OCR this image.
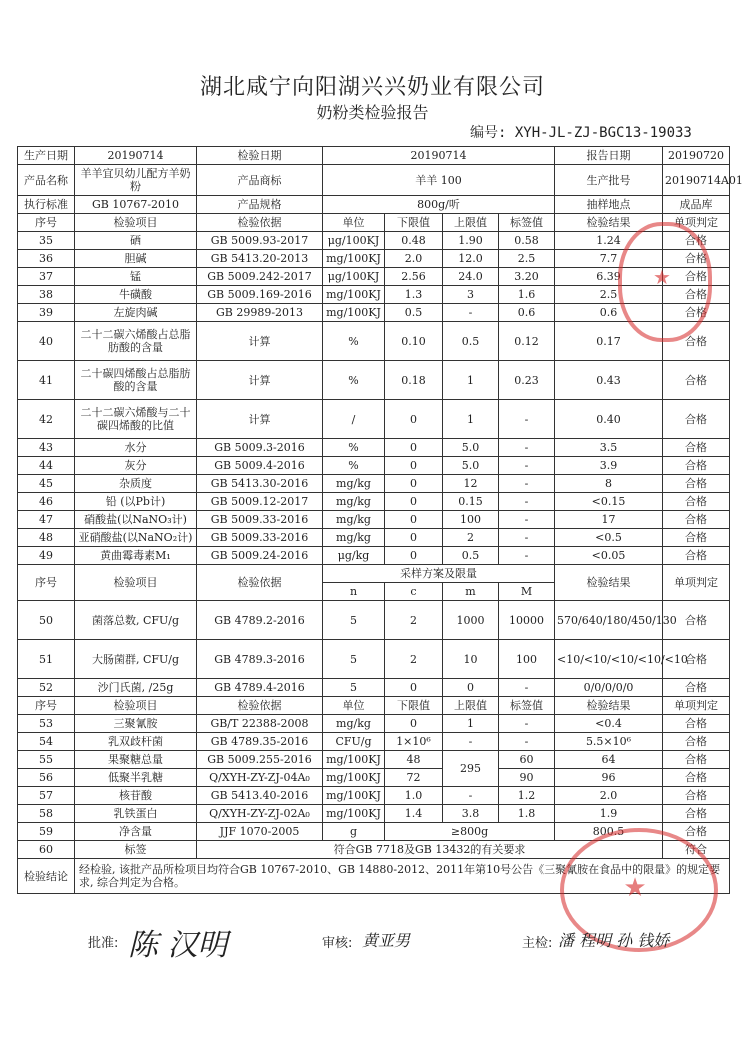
湖北咸宁向阳湖兴兴奶业有限公司
奶粉类检验报告
编号: XYH-JL-ZJ-BGC13-19033
生产日期	20190714	检验日期	20190714				报告日期	20190720
产品名称	羊羊宜贝幼儿配方羊奶粉	产品商标	羊羊 100				生产批号	20190714A01
执行标准	GB 10767-2010	产品规格	800g/听				抽样地点	成品库
序号	检验项目	检验依据	单位	下限值	上限值	标签值	检验结果	单项判定
35	硒	GB 5009.93-2017	μg/100KJ	0.48	1.90	0.58	1.24	合格
36	胆碱	GB 5413.20-2013	mg/100KJ	2.0	12.0	2.5	7.7	合格
37	锰	GB 5009.242-2017	μg/100KJ	2.56	24.0	3.20	6.39	合格
38	牛磺酸	GB 5009.169-2016	mg/100KJ	1.3	3	1.6	2.5	合格
39	左旋肉碱	GB 29989-2013	mg/100KJ	0.5	-	0.6	0.6	合格
40	二十二碳六烯酸占总脂肪酸的含量	计算	%	0.10	0.5	0.12	0.17	合格
41	二十碳四烯酸占总脂肪酸的含量	计算	%	0.18	1	0.23	0.43	合格
42	二十二碳六烯酸与二十碳四烯酸的比值	计算	/	0	1	-	0.40	合格
43	水分	GB 5009.3-2016	%	0	5.0	-	3.5	合格
44	灰分	GB 5009.4-2016	%	0	5.0	-	3.9	合格
45	杂质度	GB 5413.30-2016	mg/kg	0	12	-	8	合格
46	铅 (以Pb计)	GB 5009.12-2017	mg/kg	0	0.15	-	<0.15	合格
47	硝酸盐(以NaNO₃计)	GB 5009.33-2016	mg/kg	0	100	-	17	合格
48	亚硝酸盐(以NaNO₂计)	GB 5009.33-2016	mg/kg	0	2	-	<0.5	合格
49	黄曲霉毒素M₁	GB 5009.24-2016	μg/kg	0	0.5	-	<0.05	合格
序号	检验项目	检验依据	采样方案及限量				检验结果	单项判定
			n	c	m	M		
50	菌落总数, CFU/g	GB 4789.2-2016	5	2	1000	10000	570/640/180/450/130	合格
51	大肠菌群, CFU/g	GB 4789.3-2016	5	2	10	100	<10/<10/<10/<10/<10	合格
52	沙门氏菌, /25g	GB 4789.4-2016	5	0	0	-	0/0/0/0/0	合格
序号	检验项目	检验依据	单位	下限值	上限值	标签值	检验结果	单项判定
53	三聚氰胺	GB/T 22388-2008	mg/kg	0	1	-	<0.4	合格
54	乳双歧杆菌	GB 4789.35-2016	CFU/g	1×10⁶	-	-	5.5×10⁶	合格
55	果聚糖总量	GB 5009.255-2016	mg/100KJ	48	295	60	64	合格
56	低聚半乳糖	Q/XYH-ZY-ZJ-04A₀	mg/100KJ	72		90	96	合格
57	核苷酸	GB 5413.40-2016	mg/100KJ	1.0	-	1.2	2.0	合格
58	乳铁蛋白	Q/XYH-ZY-ZJ-02A₀	mg/100KJ	1.4	3.8	1.8	1.9	合格
59	净含量	JJF 1070-2005	g	≥800g			800.5	合格
60	标签	符合GB 7718及GB 13432的有关要求						符合
检验结论	经检验, 该批产品所检项目均符合GB 10767-2010、GB 14880-2012、2011年第10号公告《三聚氰胺在食品中的限量》的规定要求, 综合判定为合格。							
★
★
批准: 陈 汉明	审核: 黄亚男	主检: 潘 程明 孙 钱娇
